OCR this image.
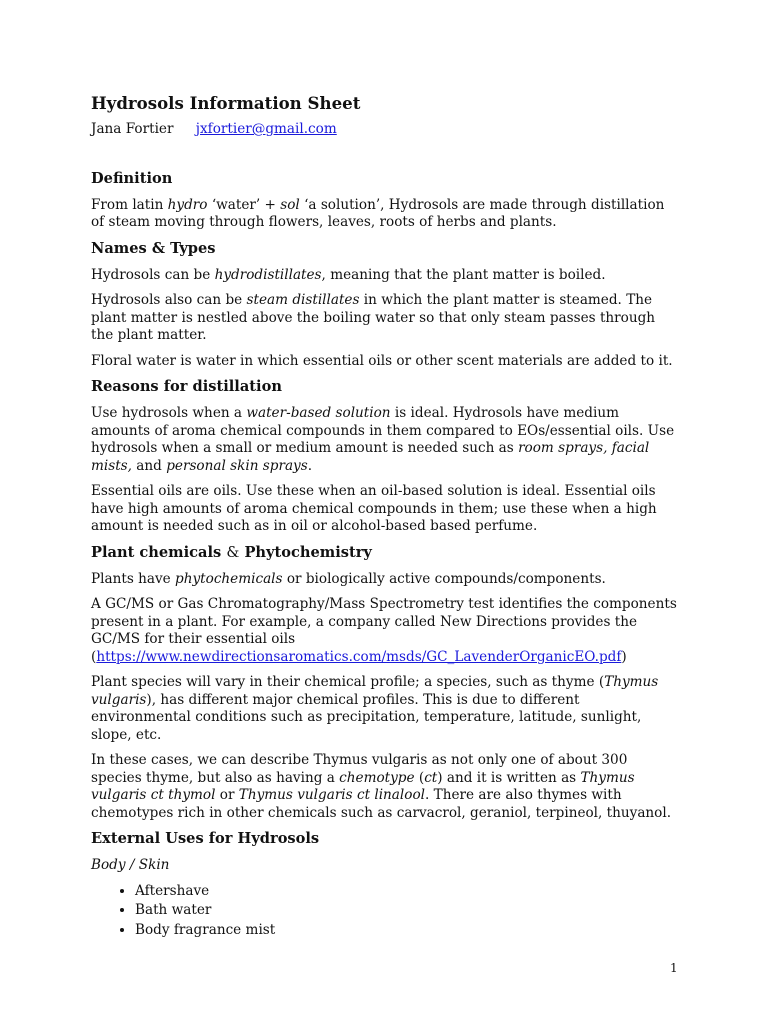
Hydrosols Information Sheet
Jana Fortier jxfortier@gmail.com
Definition

From latin hydro ‘water’ + sol ‘a solution’, Hydrosols are made through distillation of steam moving through flowers, leaves, roots of herbs and plants.

Names & Types

Hydrosols can be hydrodistillates, meaning that the plant matter is boiled.

Hydrosols also can be steam distillates in which the plant matter is steamed. The plant matter is nestled above the boiling water so that only steam passes through the plant matter.

Floral water is water in which essential oils or other scent materials are added to it.

Reasons for distillation

Use hydrosols when a water-based solution is ideal. Hydrosols have medium amounts of aroma chemical compounds in them compared to EOs/essential oils. Use hydrosols when a small or medium amount is needed such as room sprays, facial mists, and personal skin sprays.

Essential oils are oils. Use these when an oil-based solution is ideal. Essential oils have high amounts of aroma chemical compounds in them; use these when a high amount is needed such as in oil or alcohol-based based perfume.

Plant chemicals & Phytochemistry

Plants have phytochemicals or biologically active compounds/components.

A GC/MS or Gas Chromatography/Mass Spectrometry test identifies the components present in a plant. For example, a company called New Directions provides the GC/MS for their essential oils (https://www.newdirectionsaromatics.com/msds/GC_LavenderOrganicEO.pdf)

Plant species will vary in their chemical profile; a species, such as thyme (Thymus vulgaris), has different major chemical profiles. This is due to different environmental conditions such as precipitation, temperature, latitude, sunlight, slope, etc.

In these cases, we can describe Thymus vulgaris as not only one of about 300 species thyme, but also as having a chemotype (ct) and it is written as Thymus vulgaris ct thymol or Thymus vulgaris ct linalool. There are also thymes with chemotypes rich in other chemicals such as carvacrol, geraniol, terpineol, thuyanol.

External Uses for Hydrosols

Body / Skin

• Aftershave
• Bath water
• Body fragrance mist
1
